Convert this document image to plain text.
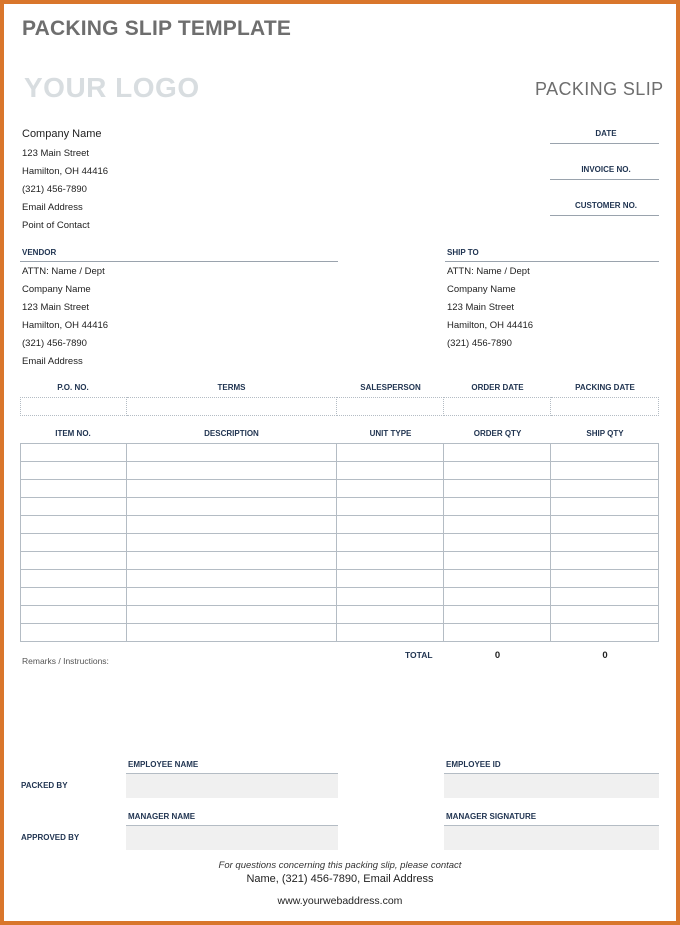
PACKING SLIP TEMPLATE
YOUR LOGO	PACKING SLIP
Company Name
123 Main Street
Hamilton, OH 44416
(321) 456-7890
Email Address
Point of Contact
DATE
INVOICE NO.
CUSTOMER NO.
VENDOR
ATTN: Name / Dept
Company Name
123 Main Street
Hamilton, OH 44416
(321) 456-7890
Email Address
SHIP TO
ATTN: Name / Dept
Company Name
123 Main Street
Hamilton, OH 44416
(321) 456-7890
P.O. NO.	TERMS	SALESPERSON	ORDER DATE	PACKING DATE

ITEM NO.	DESCRIPTION	UNIT TYPE	ORDER QTY	SHIP QTY

Remarks / Instructions:
TOTAL	0	0
EMPLOYEE NAME	EMPLOYEE ID
PACKED BY
MANAGER NAME	MANAGER SIGNATURE
APPROVED BY
For questions concerning this packing slip, please contact
Name, (321) 456-7890, Email Address
www.yourwebaddress.com
